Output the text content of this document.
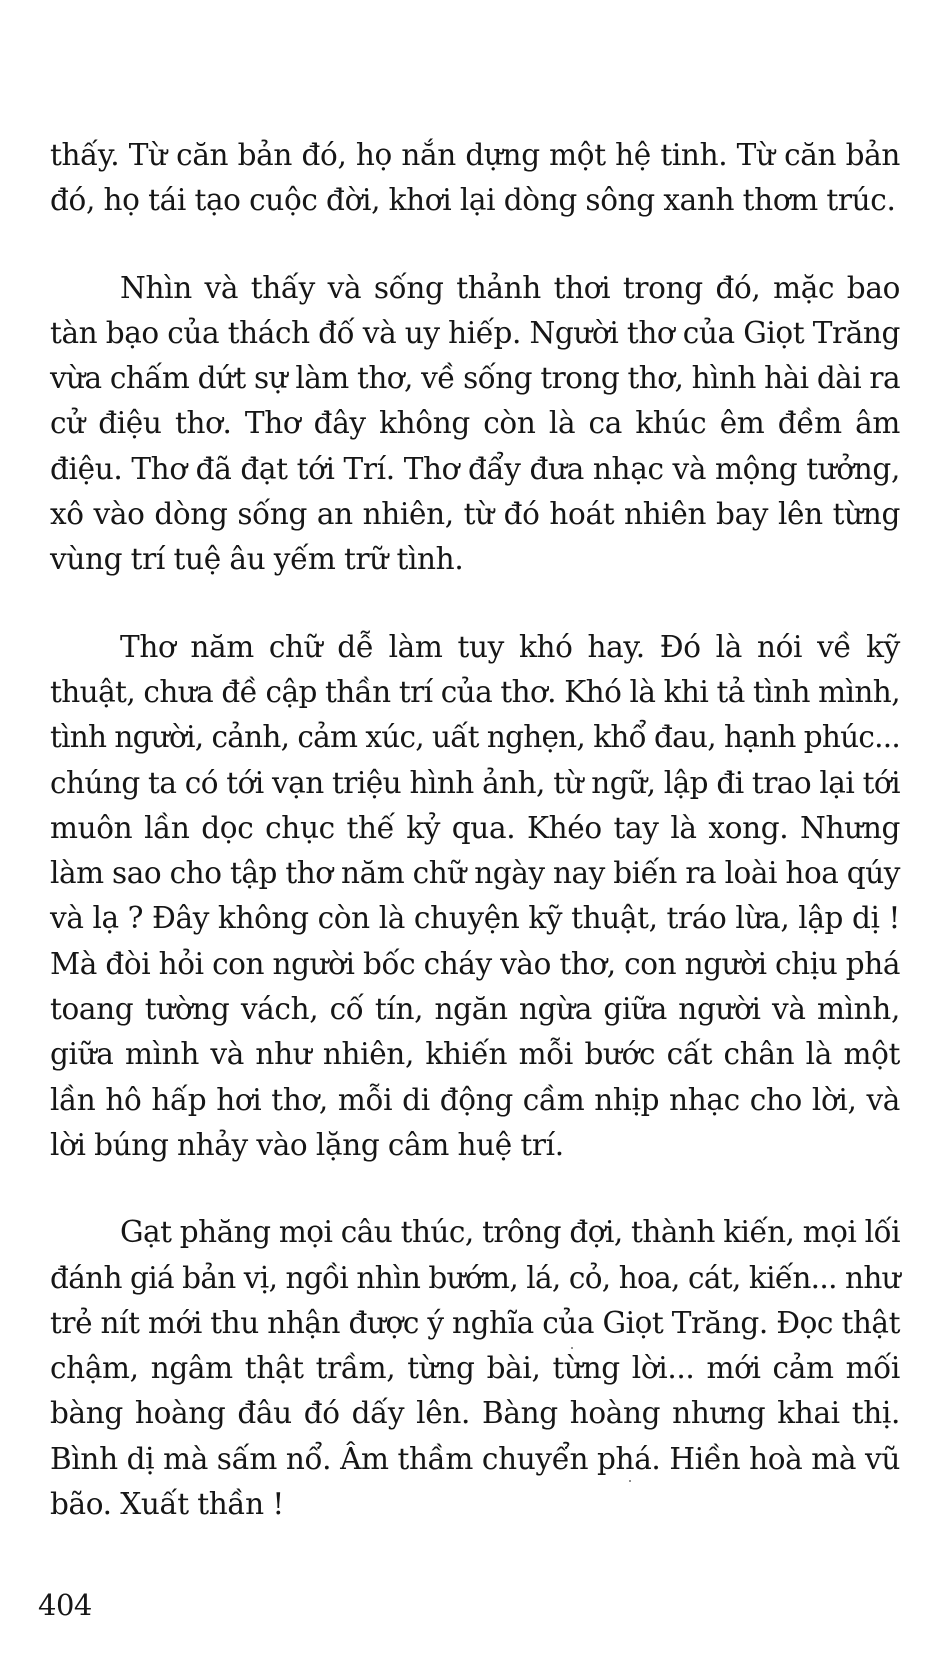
thấy. Từ căn bản đó, họ nắn dựng một hệ tinh. Từ căn bản
đó, họ tái tạo cuộc đời, khơi lại dòng sông xanh thơm trúc.
Nhìn và thấy và sống thảnh thơi trong đó, mặc bao
tàn bạo của thách đố và uy hiếp. Người thơ của Giọt Trăng
vừa chấm dứt sự làm thơ, về sống trong thơ, hình hài dài ra
cử điệu thơ. Thơ đây không còn là ca khúc êm đềm âm
điệu. Thơ đã đạt tới Trí. Thơ đẩy đưa nhạc và mộng tưởng,
xô vào dòng sống an nhiên, từ đó hoát nhiên bay lên từng
vùng trí tuệ âu yếm trữ tình.
Thơ năm chữ dễ làm tuy khó hay. Đó là nói về kỹ
thuật, chưa đề cập thần trí của thơ. Khó là khi tả tình mình,
tình người, cảnh, cảm xúc, uất nghẹn, khổ đau, hạnh phúc...
chúng ta có tới vạn triệu hình ảnh, từ ngữ, lập đi trao lại tới
muôn lần dọc chục thế kỷ qua. Khéo tay là xong. Nhưng
làm sao cho tập thơ năm chữ ngày nay biến ra loài hoa qúy
và lạ ? Đây không còn là chuyện kỹ thuật, tráo lừa, lập dị !
Mà đòi hỏi con người bốc cháy vào thơ, con người chịu phá
toang tường vách, cố tín, ngăn ngừa giữa người và mình,
giữa mình và như nhiên, khiến mỗi bước cất chân là một
lần hô hấp hơi thơ, mỗi di động cầm nhịp nhạc cho lời, và
lời búng nhảy vào lặng câm huệ trí.
Gạt phăng mọi câu thúc, trông đợi, thành kiến, mọi lối
đánh giá bản vị, ngồi nhìn bướm, lá, cỏ, hoa, cát, kiến... như
trẻ nít mới thu nhận được ý nghĩa của Giọt Trăng. Đọc thật
chậm, ngâm thật trầm, từng bài, từng lời... mới cảm mối
bàng hoàng đâu đó dấy lên. Bàng hoàng nhưng khai thị.
Bình dị mà sấm nổ. Âm thầm chuyển phá. Hiền hoà mà vũ
bão. Xuất thần !
404
